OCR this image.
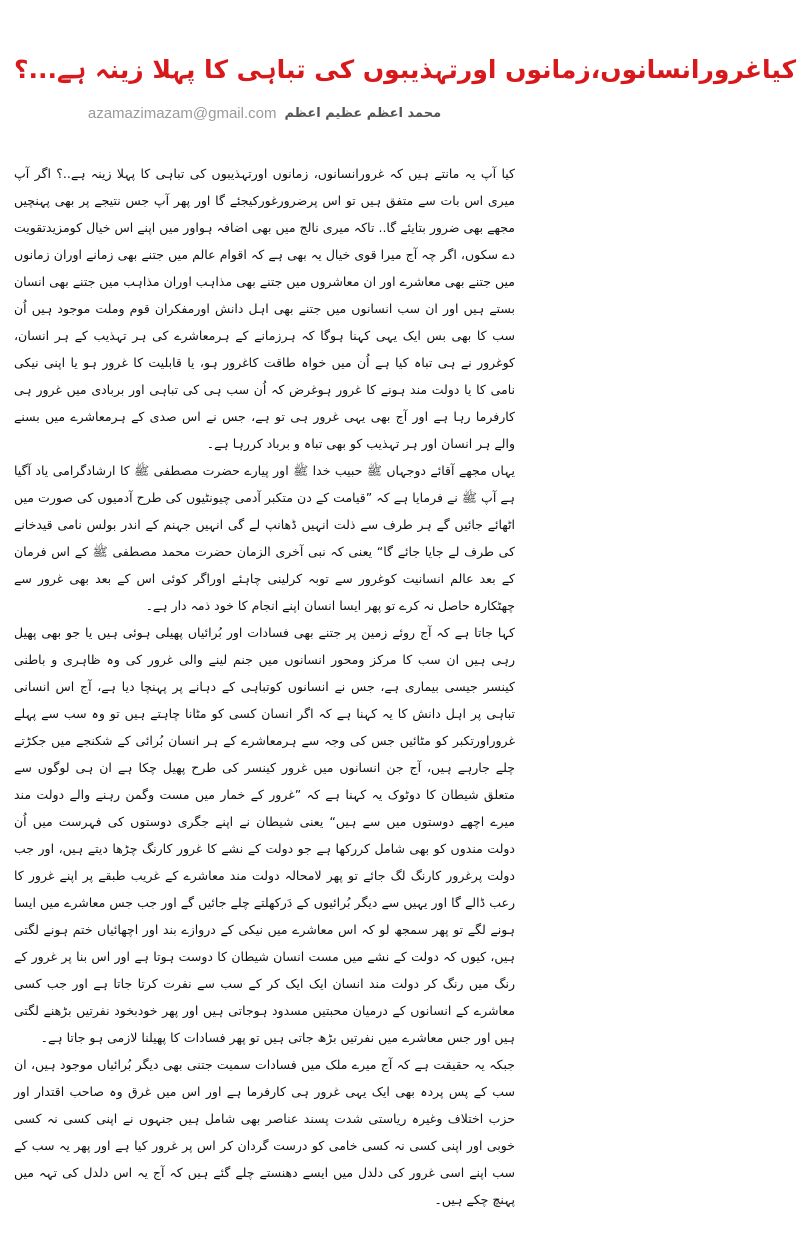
کیاغرورانسانوں،زمانوں اورتہذیبوں کی تباہی کا پہلا زینہ ہے...؟
azamazimazam@gmail.com محمد اعظم عظیم اعظم

کیا آپ یہ مانتے ہیں کہ غرورانسانوں، زمانوں اورتہذیبوں کی تباہی کا پہلا زینہ ہے..؟ اگر آپ میری اس بات سے متفق ہیں تو اس پرضرورغورکیجئے گا اور پھر آپ جس نتیجے پر بھی پہنچیں مجھے بھی ضرور بتایئے گا.. تاکہ میری نالج میں بھی اضافہ ہواور میں اپنے اس خیال کومزیدتقویت دے سکوں، اگر چہ آج میرا قوی خیال یہ بھی ہے کہ اقوام عالم میں جتنے بھی زمانے اوران زمانوں میں جتنے بھی معاشرے اور ان معاشروں میں جتنے بھی مذاہب اوران مذاہب میں جتنے بھی انسان بستے ہیں اور ان سب انسانوں میں جتنے بھی اہل دانش اورمفکران قوم وملت موجود ہیں اُن سب کا بھی بس ایک یہی کہنا ہوگا کہ ہرزمانے کے ہرمعاشرے کی ہر تہذیب کے ہر انسان، کوغرور نے ہی تباہ کیا ہے اُن میں خواہ طاقت کاغرور ہو، یا قابلیت کا غرور ہو یا اپنی نیکی نامی کا یا دولت مند ہونے کا غرور ہوغرض کہ اُن سب ہی کی تباہی اور بربادی میں غرور ہی کارفرما رہا ہے اور آج بھی یہی غرور ہی تو ہے، جس نے اس صدی کے ہرمعاشرے میں بسنے والے ہر انسان اور ہر تہذیب کو بھی تباہ و برباد کررہا ہے۔

یہاں مجھے آقائے دوجہاں ﷺ حبیب خدا ﷺ اور پیارے حضرت مصطفی ﷺ کا ارشادگرامی یاد آگیا ہے آپ ﷺ نے فرمایا ہے کہ ”قیامت کے دن متکبر آدمی چیونٹیوں کی طرح آدمیوں کی صورت میں اٹھائے جائیں گے ہر طرف سے ذلت انہیں ڈھانپ لے گی انہیں جہنم کے اندر بولس نامی قیدخانے کی طرف لے جایا جائے گا“ یعنی کہ نبی آخری الزمان حضرت محمد مصطفی ﷺ کے اس فرمان کے بعد عالم انسانیت کوغرور سے توبہ کرلینی چاہئے اوراگر کوئی اس کے بعد بھی غرور سے چھٹکارہ حاصل نہ کرے تو پھر ایسا انسان اپنے انجام کا خود ذمہ دار ہے۔

کہا جاتا ہے کہ آج روئے زمین پر جتنے بھی فسادات اور بُرائیاں پھیلی ہوئی ہیں یا جو بھی پھیل رہی ہیں ان سب کا مرکز ومحور انسانوں میں جنم لینے والی غرور کی وہ ظاہری و باطنی کینسر جیسی بیماری ہے، جس نے انسانوں کوتباہی کے دہانے پر پہنچا دیا ہے، آج اس انسانی تباہی پر اہل دانش کا یہ کہنا ہے کہ اگر انسان کسی کو مٹانا چاہتے ہیں تو وہ سب سے پہلے غروراورتکبر کو مٹائیں جس کی وجہ سے ہرمعاشرے کے ہر انسان بُرائی کے شکنجے میں جکڑتے چلے جارہے ہیں، آج جن انسانوں میں غرور کینسر کی طرح پھیل چکا ہے ان ہی لوگوں سے متعلق شیطان کا دوٹوک یہ کہنا ہے کہ ”غرور کے خمار میں مست وگمن رہنے والے دولت مند میرے اچھے دوستوں میں سے ہیں“ یعنی شیطان نے اپنے جگری دوستوں کی فہرست میں اُن دولت مندوں کو بھی شامل کررکھا ہے جو دولت کے نشے کا غرور کارنگ چڑھا دیتے ہیں، اور جب دولت پرغرور کارنگ لگ جائے تو پھر لامحالہ دولت مند معاشرے کے غریب طبقے پر اپنے غرور کا رعب ڈالے گا اور یہیں سے دیگر بُرائیوں کے دَرکھلتے چلے جائیں گے اور جب جس معاشرے میں ایسا ہونے لگے تو پھر سمجھ لو کہ اس معاشرے میں نیکی کے دروازے بند اور اچھائیاں ختم ہونے لگتی ہیں، کیوں کہ دولت کے نشے میں مست انسان شیطان کا دوست ہوتا ہے اور اس بنا پر غرور کے رنگ میں رنگ کر دولت مند انسان ایک ایک کر کے سب سے نفرت کرتا جاتا ہے اور جب کسی معاشرے کے انسانوں کے درمیان محبتیں مسدود ہوجاتی ہیں اور پھر خودبخود نفرتیں بڑھنے لگتی ہیں اور جس معاشرے میں نفرتیں بڑھ جاتی ہیں تو پھر فسادات کا پھیلنا لازمی ہو جاتا ہے۔

جبکہ یہ حقیقت ہے کہ آج میرے ملک میں فسادات سمیت جتنی بھی دیگر بُرائیاں موجود ہیں، ان سب کے پس پردہ بھی ایک یہی غرور ہی کارفرما ہے اور اس میں غرق وہ صاحب اقتدار اور حزب اختلاف وغیرہ ریاستی شدت پسند عناصر بھی شامل ہیں جنہوں نے اپنی کسی نہ کسی خوبی اور اپنی کسی نہ کسی خامی کو درست گردان کر اس پر غرور کیا ہے اور پھر یہ سب کے سب اپنے اسی غرور کی دلدل میں ایسے دھنستے چلے گئے ہیں کہ آج یہ اس دلدل کی تہہ میں پہنچ چکے ہیں۔
